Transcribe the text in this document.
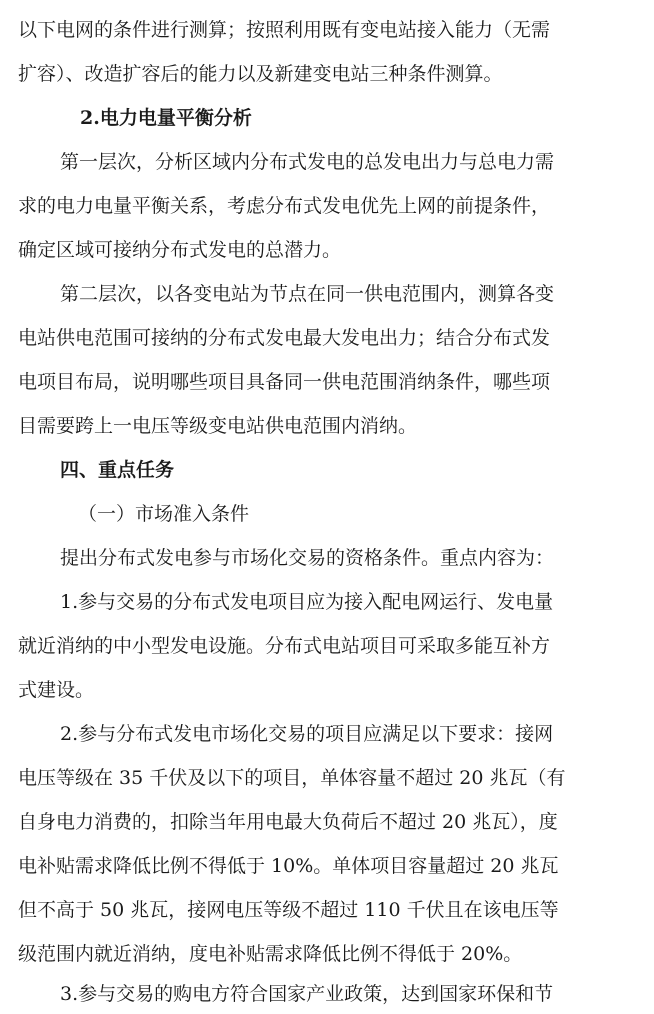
以下电网的条件进行测算；按照利用既有变电站接入能力（无需
扩容）、改造扩容后的能力以及新建变电站三种条件测算。
2.电力电量平衡分析
第一层次，分析区域内分布式发电的总发电出力与总电力需
求的电力电量平衡关系，考虑分布式发电优先上网的前提条件，
确定区域可接纳分布式发电的总潜力。
第二层次，以各变电站为节点在同一供电范围内，测算各变
电站供电范围可接纳的分布式发电最大发电出力；结合分布式发
电项目布局，说明哪些项目具备同一供电范围消纳条件，哪些项
目需要跨上一电压等级变电站供电范围内消纳。
四、重点任务
（一）市场准入条件
提出分布式发电参与市场化交易的资格条件。重点内容为：
1.参与交易的分布式发电项目应为接入配电网运行、发电量
就近消纳的中小型发电设施。分布式电站项目可采取多能互补方
式建设。
2.参与分布式发电市场化交易的项目应满足以下要求：接网
电压等级在 35 千伏及以下的项目，单体容量不超过 20 兆瓦（有
自身电力消费的，扣除当年用电最大负荷后不超过 20 兆瓦），度
电补贴需求降低比例不得低于 10%。单体项目容量超过 20 兆瓦
但不高于 50 兆瓦，接网电压等级不超过 110 千伏且在该电压等
级范围内就近消纳，度电补贴需求降低比例不得低于 20%。
3.参与交易的购电方符合国家产业政策，达到国家环保和节
